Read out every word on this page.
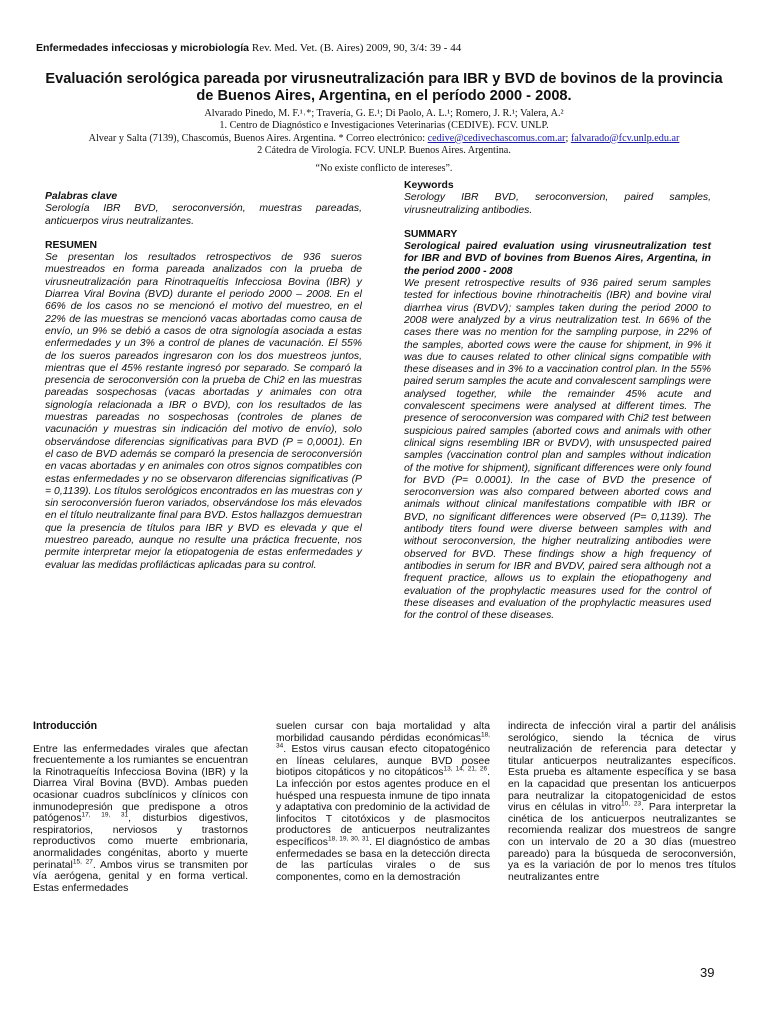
Enfermedades infecciosas y microbiología Rev. Med. Vet. (B. Aires) 2009, 90, 3/4: 39 - 44
Evaluación serológica pareada por virusneutralización para IBR y BVD de bovinos de la provincia de Buenos Aires, Argentina, en el período 2000 - 2008.
Alvarado Pinedo, M. F.¹˒*; Travería, G. E.¹; Di Paolo, A. L.¹; Romero, J. R.¹; Valera, A.²
1. Centro de Diagnóstico e Investigaciones Veterinarias (CEDIVE). FCV. UNLP.
Alvear y Salta (7139), Chascomús, Buenos Aires. Argentina. * Correo electrónico: cedive@cedivechascomus.com.ar; falvarado@fcv.unlp.edu.ar
2 Cátedra de Virología. FCV. UNLP. Buenos Aires. Argentina.
“No existe conflicto de intereses”.
Palabras clave

Serología IBR BVD, seroconversión, muestras pareadas, anticuerpos virus neutralizantes.

RESUMEN

Se presentan los resultados retrospectivos de 936 sueros muestreados en forma pareada analizados con la prueba de virusneutralización para Rinotraqueítis Infecciosa Bovina (IBR) y Diarrea Viral Bovina (BVD) durante el periodo 2000 – 2008. En el 66% de los casos no se mencionó el motivo del muestreo, en el 22% de las muestras se mencionó vacas abortadas como causa de envío, un 9% se debió a casos de otra signología asociada a estas enfermedades y un 3% a control de planes de vacunación. El 55% de los sueros pareados ingresaron con los dos muestreos juntos, mientras que el 45% restante ingresó por separado. Se comparó la presencia de seroconversión con la prueba de Chi2 en las muestras pareadas sospechosas (vacas abortadas y animales con otra signología relacionada a IBR o BVD), con los resultados de las muestras pareadas no sospechosas (controles de planes de vacunación y muestras sin indicación del motivo de envío), solo observándose diferencias significativas para BVD (P = 0,0001). En el caso de BVD además se comparó la presencia de seroconversión en vacas abortadas y en animales con otros signos compatibles con estas enfermedades y no se observaron diferencias significativas (P = 0,1139). Los títulos serológicos encontrados en las muestras con y sin seroconversión fueron variados, observándose los más elevados en el título neutralizante final para BVD. Estos hallazgos demuestran que la presencia de títulos para IBR y BVD es elevada y que el muestreo pareado, aunque no resulte una práctica frecuente, nos permite interpretar mejor la etiopatogenia de estas enfermedades y evaluar las medidas profilácticas aplicadas para su control.

Keywords

Serology IBR BVD, seroconversion, paired samples, virusneutralizing antibodies.

SUMMARY

Serological paired evaluation using virusneutralization test for IBR and BVD of bovines from Buenos Aires, Argentina, in the period 2000 - 2008

We present retrospective results of 936 paired serum samples tested for infectious bovine rhinotracheitis (IBR) and bovine viral diarrhea virus (BVDV); samples taken during the period 2000 to 2008 were analyzed by a virus neutralization test. In 66% of the cases there was no mention for the sampling purpose, in 22% of the samples, aborted cows were the cause for shipment, in 9% it was due to causes related to other clinical signs compatible with these diseases and in 3% to a vaccination control plan. In the 55% paired serum samples the acute and convalescent samplings were analysed together, while the remainder 45% acute and convalescent specimens were analysed at different times. The presence of seroconversion was compared with Chi2 test between suspicious paired samples (aborted cows and animals with other clinical signs resembling IBR or BVDV), with unsuspected paired samples (vaccination control plan and samples without indication of the motive for shipment), significant differences were only found for BVD (P= 0.0001). In the case of BVD the presence of seroconversion was also compared between aborted cows and animals without clinical manifestations compatible with IBR or BVD, no significant differences were observed (P= 0,1139). The antibody titers found were diverse between samples with and without seroconversion, the higher neutralizing antibodies were observed for BVD. These findings show a high frequency of antibodies in serum for IBR and BVDV, paired sera although not a frequent practice, allows us to explain the etiopathogeny and evaluation of the prophylactic measures used for the control of these diseases and evaluation of the prophylactic measures used for the control of these diseases.

Introducción

Entre las enfermedades virales que afectan frecuentemente a los rumiantes se encuentran la Rinotraqueítis Infecciosa Bovina (IBR) y la Diarrea Viral Bovina (BVD). Ambas pueden ocasionar cuadros subclínicos y clínicos con inmunodepresión que predispone a otros patógenos$^{17, 19, 31}$, disturbios digestivos, respiratorios, nerviosos y trastornos reproductivos como muerte embrionaria, anormalidades congénitas, aborto y muerte perinatal$^{15, 27}$. Ambos virus se transmiten por vía aerógena, genital y en forma vertical. Estas enfermedades

suelen cursar con baja mortalidad y alta morbilidad causando pérdidas económicas$^{18, 34}$. Estos virus causan efecto citopatogénico en líneas celulares, aunque BVD posee biotipos citopáticos y no citopáticos$^{13, 14, 21, 26}$. La infección por estos agentes produce en el huésped una respuesta inmune de tipo innata y adaptativa con predominio de la actividad de linfocitos T citotóxicos y de plasmocitos productores de anticuerpos neutralizantes específicos$^{18, 19, 30, 31}$. El diagnóstico de ambas enfermedades se basa en la detección directa de las partículas virales o de sus componentes, como en la demostración

indirecta de infección viral a partir del análisis serológico, siendo la técnica de virus neutralización de referencia para detectar y titular anticuerpos neutralizantes específicos. Esta prueba es altamente específica y se basa en la capacidad que presentan los anticuerpos para neutralizar la citopatogenicidad de estos virus en células in vitro$^{10, 23}$. Para interpretar la cinética de los anticuerpos neutralizantes se recomienda realizar dos muestreos de sangre con un intervalo de 20 a 30 días (muestreo pareado) para la búsqueda de seroconversión, ya es la variación de por lo menos tres títulos neutralizantes entre

39
